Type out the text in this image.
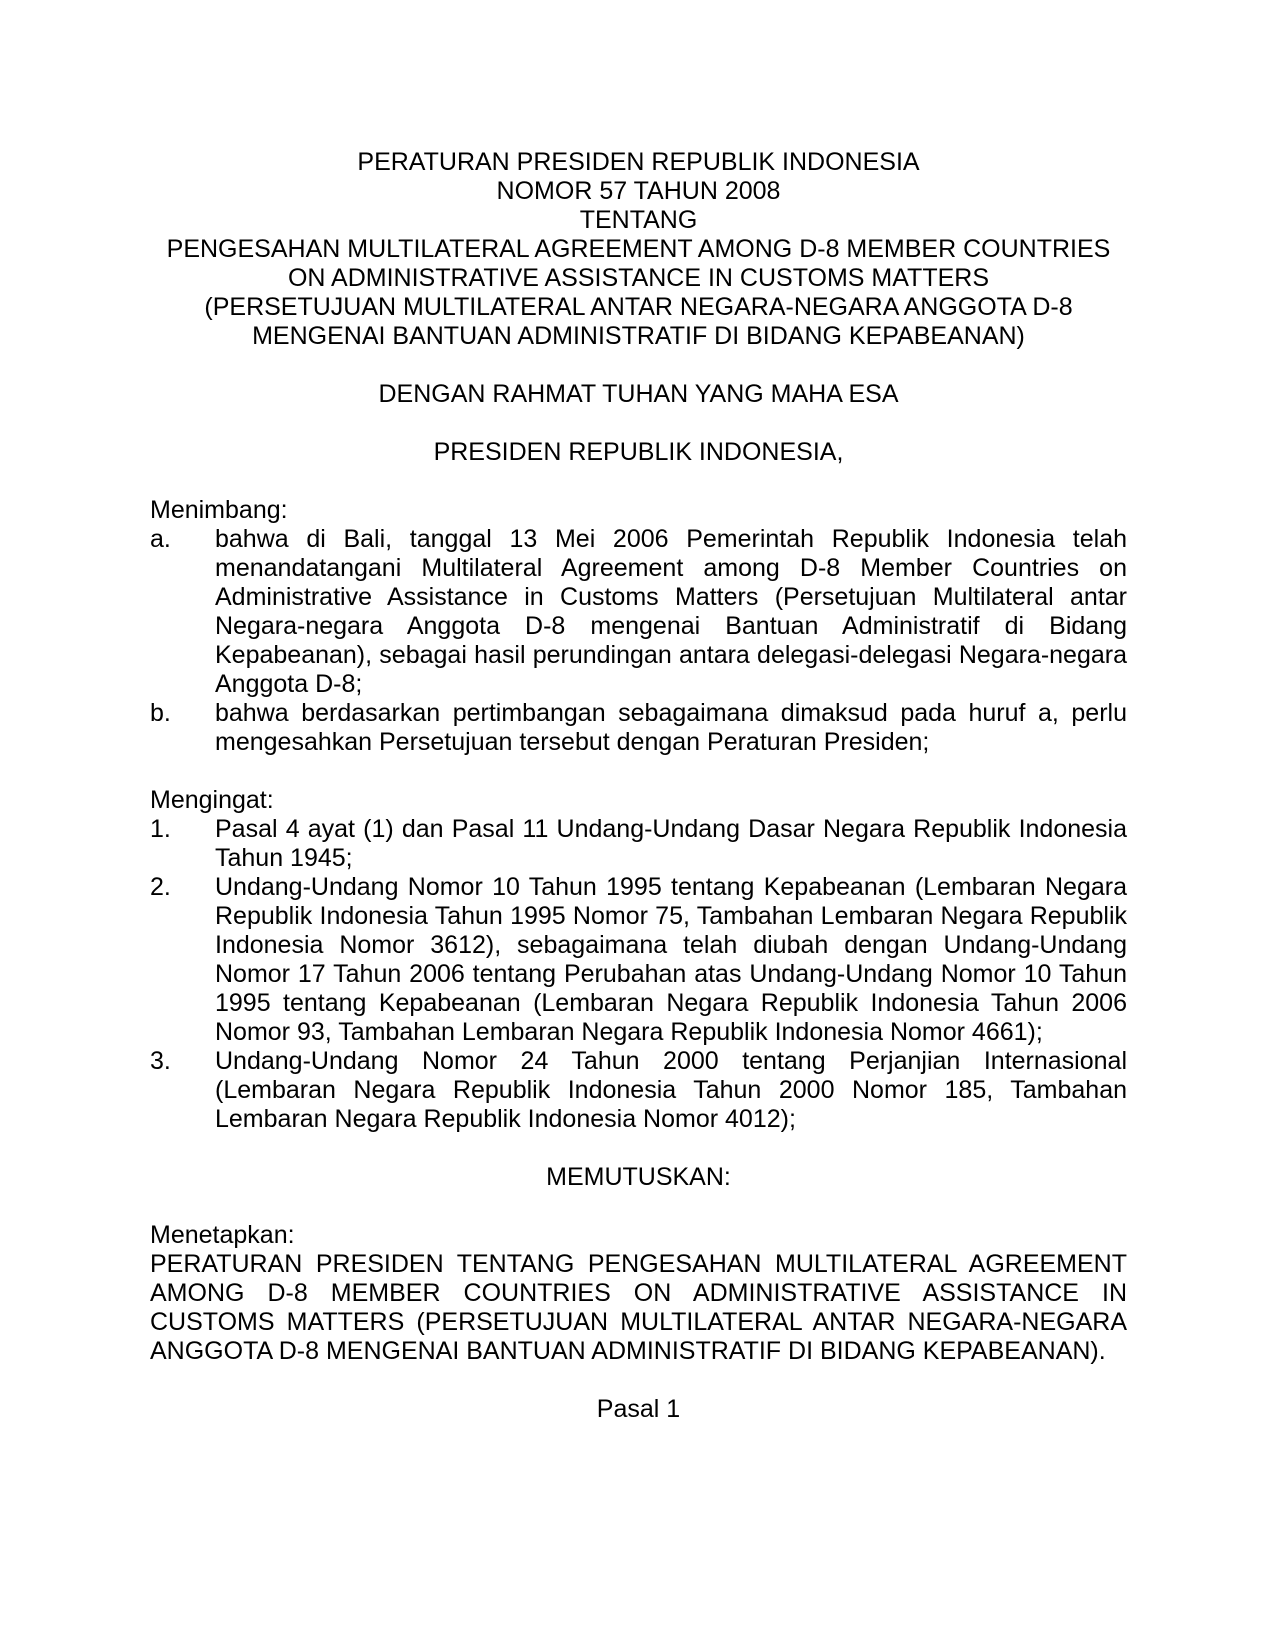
PERATURAN PRESIDEN REPUBLIK INDONESIA
NOMOR 57 TAHUN 2008
TENTANG
PENGESAHAN MULTILATERAL AGREEMENT AMONG D-8 MEMBER COUNTRIES
ON ADMINISTRATIVE ASSISTANCE IN CUSTOMS MATTERS
(PERSETUJUAN MULTILATERAL ANTAR NEGARA-NEGARA ANGGOTA D-8
MENGENAI BANTUAN ADMINISTRATIF DI BIDANG KEPABEANAN)
DENGAN RAHMAT TUHAN YANG MAHA ESA
PRESIDEN REPUBLIK INDONESIA,
Menimbang:
a. bahwa di Bali, tanggal 13 Mei 2006 Pemerintah Republik Indonesia telah menandatangani Multilateral Agreement among D-8 Member Countries on Administrative Assistance in Customs Matters (Persetujuan Multilateral antar Negara-negara Anggota D-8 mengenai Bantuan Administratif di Bidang Kepabeanan), sebagai hasil perundingan antara delegasi-delegasi Negara-negara Anggota D-8;
b. bahwa berdasarkan pertimbangan sebagaimana dimaksud pada huruf a, perlu mengesahkan Persetujuan tersebut dengan Peraturan Presiden;
Mengingat:
1. Pasal 4 ayat (1) dan Pasal 11 Undang-Undang Dasar Negara Republik Indonesia Tahun 1945;
2. Undang-Undang Nomor 10 Tahun 1995 tentang Kepabeanan (Lembaran Negara Republik Indonesia Tahun 1995 Nomor 75, Tambahan Lembaran Negara Republik Indonesia Nomor 3612), sebagaimana telah diubah dengan Undang-Undang Nomor 17 Tahun 2006 tentang Perubahan atas Undang-Undang Nomor 10 Tahun 1995 tentang Kepabeanan (Lembaran Negara Republik Indonesia Tahun 2006 Nomor 93, Tambahan Lembaran Negara Republik Indonesia Nomor 4661);
3. Undang-Undang Nomor 24 Tahun 2000 tentang Perjanjian Internasional (Lembaran Negara Republik Indonesia Tahun 2000 Nomor 185, Tambahan Lembaran Negara Republik Indonesia Nomor 4012);
MEMUTUSKAN:
Menetapkan:
PERATURAN PRESIDEN TENTANG PENGESAHAN MULTILATERAL AGREEMENT AMONG D-8 MEMBER COUNTRIES ON ADMINISTRATIVE ASSISTANCE IN CUSTOMS MATTERS (PERSETUJUAN MULTILATERAL ANTAR NEGARA-NEGARA ANGGOTA D-8 MENGENAI BANTUAN ADMINISTRATIF DI BIDANG KEPABEANAN).
Pasal 1
